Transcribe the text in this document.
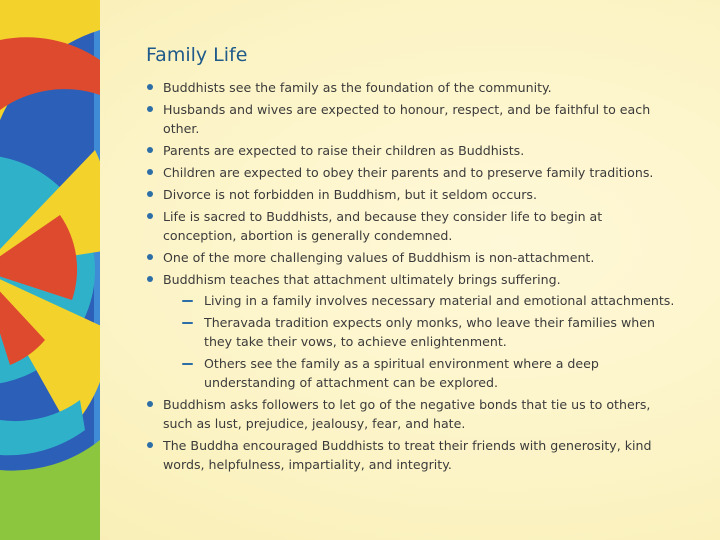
Family Life
Buddhists see the family as the foundation of the community.
Husbands and wives are expected to honour, respect, and be faithful to each other.
Parents are expected to raise their children as Buddhists.
Children are expected to obey their parents and to preserve family traditions.
Divorce is not forbidden in Buddhism, but it seldom occurs.
Life is sacred to Buddhists, and because they consider life to begin at conception, abortion is generally condemned.
One of the more challenging values of Buddhism is non-attachment.
Buddhism teaches that attachment ultimately brings suffering.
Living in a family involves necessary material and emotional attachments.
Theravada tradition expects only monks, who leave their families when they take their vows, to achieve enlightenment.
Others see the family as a spiritual environment where a deep understanding of attachment can be explored.
Buddhism asks followers to let go of the negative bonds that tie us to others, such as lust, prejudice, jealousy, fear, and hate.
The Buddha encouraged Buddhists to treat their friends with generosity, kind words, helpfulness, impartiality, and integrity.
